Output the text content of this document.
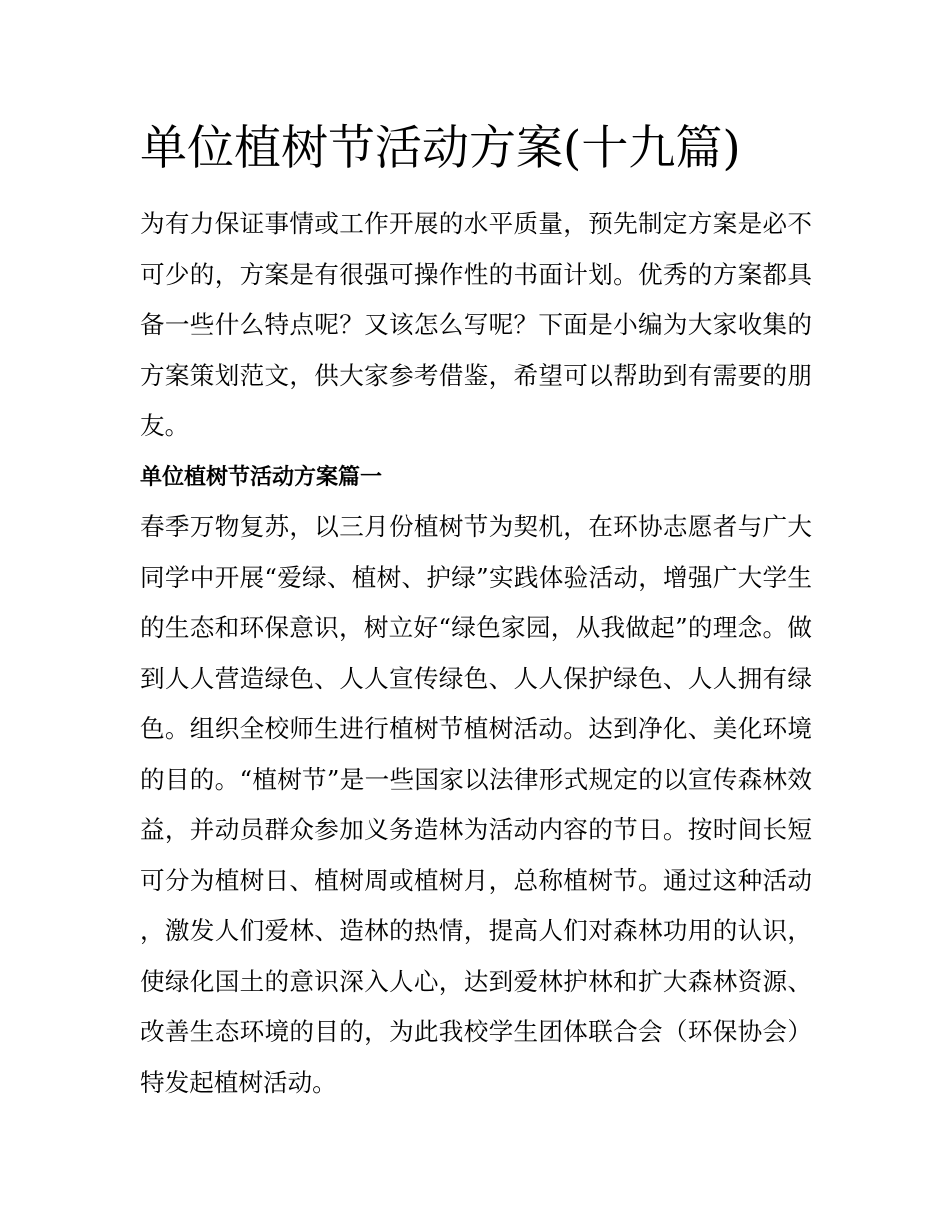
单位植树节活动方案(十九篇)

为有力保证事情或工作开展的水平质量，预先制定方案是必不可少的，方案是有很强可操作性的书面计划。优秀的方案都具备一些什么特点呢？又该怎么写呢？下面是小编为大家收集的方案策划范文，供大家参考借鉴，希望可以帮助到有需要的朋友。

单位植树节活动方案篇一

春季万物复苏，以三月份植树节为契机，在环协志愿者与广大同学中开展“爱绿、植树、护绿”实践体验活动，增强广大学生的生态和环保意识，树立好“绿色家园，从我做起”的理念。做到人人营造绿色、人人宣传绿色、人人保护绿色、人人拥有绿色。组织全校师生进行植树节植树活动。达到净化、美化环境的目的。“植树节”是一些国家以法律形式规定的以宣传森林效益，并动员群众参加义务造林为活动内容的节日。按时间长短可分为植树日、植树周或植树月，总称植树节。通过这种活动，激发人们爱林、造林的热情，提高人们对森林功用的认识，使绿化国土的意识深入人心，达到爱林护林和扩大森林资源、改善生态环境的目的，为此我校学生团体联合会（环保协会）特发起植树活动。
